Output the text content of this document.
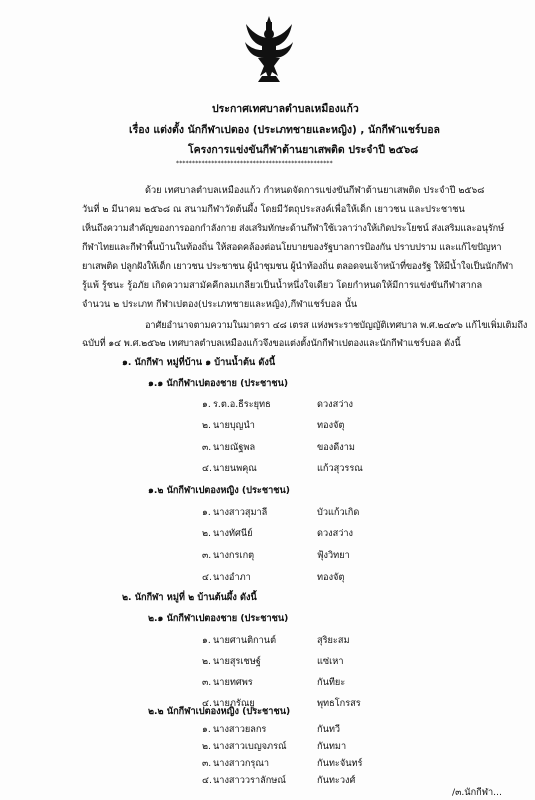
ประกาศเทศบาลตำบลเหมืองแก้ว
เรื่อง แต่งตั้ง นักกีฬาเปตอง (ประเภทชายและหญิง) , นักกีฬาแชร์บอล
โครงการแข่งขันกีฬาต้านยาเสพติด ประจำปี ๒๕๖๘
*************************************************
ด้วย เทศบาลตำบลเหมืองแก้ว กำหนดจัดการแข่งขันกีฬาต้านยาเสพติด ประจำปี ๒๕๖๘
วันที่ ๒ มีนาคม ๒๕๖๘ ณ สนามกีฬาวัดต้นผึ้ง โดยมีวัตถุประสงค์เพื่อให้เด็ก เยาวชน และประชาชน
เห็นถึงความสำคัญของการออกกำลังกาย ส่งเสริมทักษะด้านกีฬาใช้เวลาว่างให้เกิดประโยชน์ ส่งเสริมและอนุรักษ์
กีฬาไทยและกีฬาพื้นบ้านในท้องถิ่น ให้สอดคล้องต่อนโยบายของรัฐบาลการป้องกัน ปราบปราม และแก้ไขปัญหา
ยาเสพติด ปลูกฝังให้เด็ก เยาวชน ประชาชน ผู้นำชุมชน ผู้นำท้องถิ่น ตลอดจนเจ้าหน้าที่ของรัฐ ให้มีน้ำใจเป็นนักกีฬา
รู้แพ้ รู้ชนะ รู้อภัย เกิดความสามัคคีกลมเกลียวเป็นน้ำหนึ่งใจเดียว โดยกำหนดให้มีการแข่งขันกีฬาสากล
จำนวน ๒ ประเภท กีฬาเปตอง(ประเภทชายและหญิง),กีฬาแชร์บอล นั้น
อาศัยอำนาจตามความในมาตรา ๔๘ เตรส แห่งพระราชบัญญัติเทศบาล พ.ศ.๒๔๙๖ แก้ไขเพิ่มเติมถึง
ฉบับที่ ๑๔ พ.ศ.๒๕๖๒ เทศบาลตำบลเหมืองแก้วจึงขอแต่งตั้งนักกีฬาเปตองและนักกีฬาแชร์บอล ดังนี้
๑. นักกีฬา หมู่ที่บ้าน ๑ บ้านน้ำต้น ดังนี้
๑.๑ นักกีฬาเปตองชาย (ประชาชน)
๑. ร.ต.อ.ธีระยุทธ	ดวงสว่าง
๒. นายบุญนำ	ทองจัตุ
๓. นายณัฐพล	ของดีงาม
๔. นายนพคุณ	แก้วสุวรรณ
๑.๒ นักกีฬาเปตองหญิง (ประชาชน)
๑. นางสาวสุมาลี	บัวแก้วเกิด
๒. นางทัศนีย์	ดวงสว่าง
๓. นางกรเกตุ	ฟุ้งวิทยา
๔. นางอำภา	ทองจัตุ
๒. นักกีฬา หมู่ที่ ๒ บ้านต้นผึ้ง ดังนี้
๒.๑ นักกีฬาเปตองชาย (ประชาชน)
๑. นายศานติกานต์	สุริยะสม
๒. นายสุรเชษฐ์	แซ่เหา
๓. นายทศพร	กันทียะ
๔. นายภรัณยู	พุทธโกรสร
๒.๒ นักกีฬาเปตองหญิง (ประชาชน)
๑. นางสาวยลกร	กันทวี
๒. นางสาวเบญจภรณ์	กันทมา
๓. นางสาวกรุณา	กันทะจันทร์
๔. นางสาววราลักษณ์	กันทะวงศ์
/๓.นักกีฬา...
